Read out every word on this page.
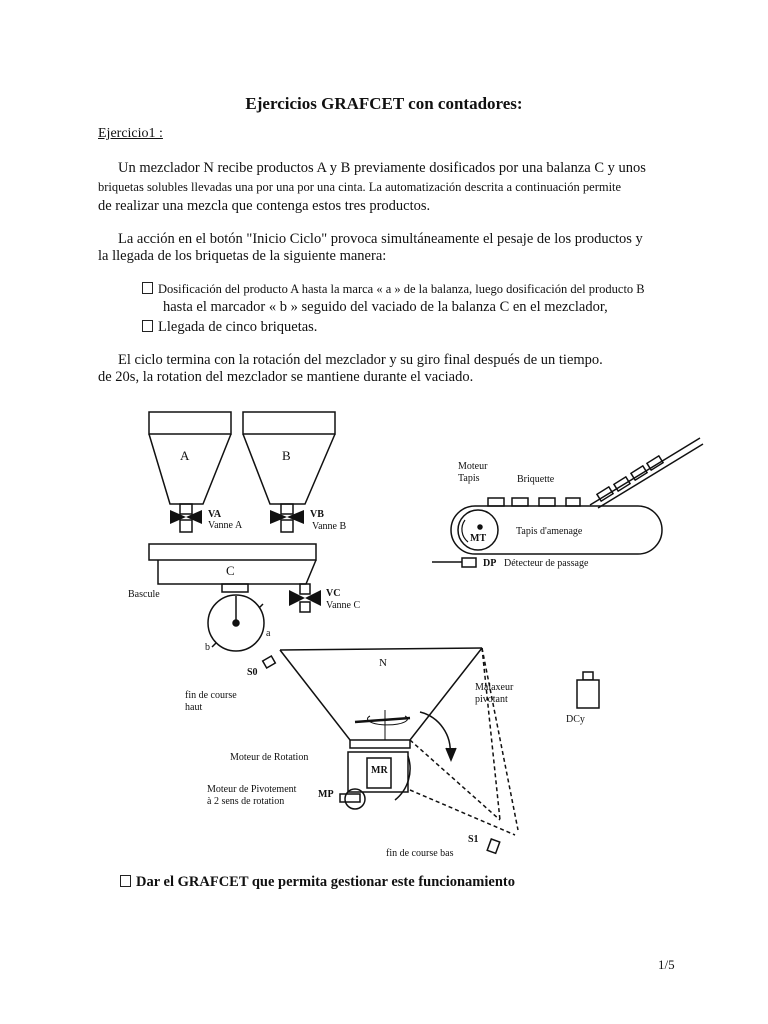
Ejercicios GRAFCET con contadores:
Ejercicio1 :
Un mezclador N recibe productos A y B previamente dosificados por una balanza C y unos
briquetas solubles llevadas una por una por una cinta. La automatización descrita a continuación permite
de realizar una mezcla que contenga estos tres productos.
La acción en el botón "Inicio Ciclo" provoca simultáneamente el pesaje de los productos y
la llegada de los briquetas de la siguiente manera:
Dosificación del producto A hasta la marca « a » de la balanza, luego dosificación del producto B
hasta el marcador « b » seguido del vaciado de la balanza C en el mezclador,
Llegada de cinco briquetas.
El ciclo termina con la rotación del mezclador y su giro final después de un tiempo.
de 20s, la rotation del mezclador se mantiene durante el vaciado.
A	B
VA
Vanne A
VB
Vanne B
C
Bascule	VC
Vanne C
a
b
Moteur
Tapis	Briquette
Tapis d'amenage
MT
DP Détecteur de passage
N
S0
fin de course
haut
Malaxeur
pivotant
DCy
Moteur de Rotation
MR
Moteur de Pivotement
à 2 sens de rotation
MP
S1
fin de course bas
Dar el GRAFCET que permita gestionar este funcionamiento
1/5
